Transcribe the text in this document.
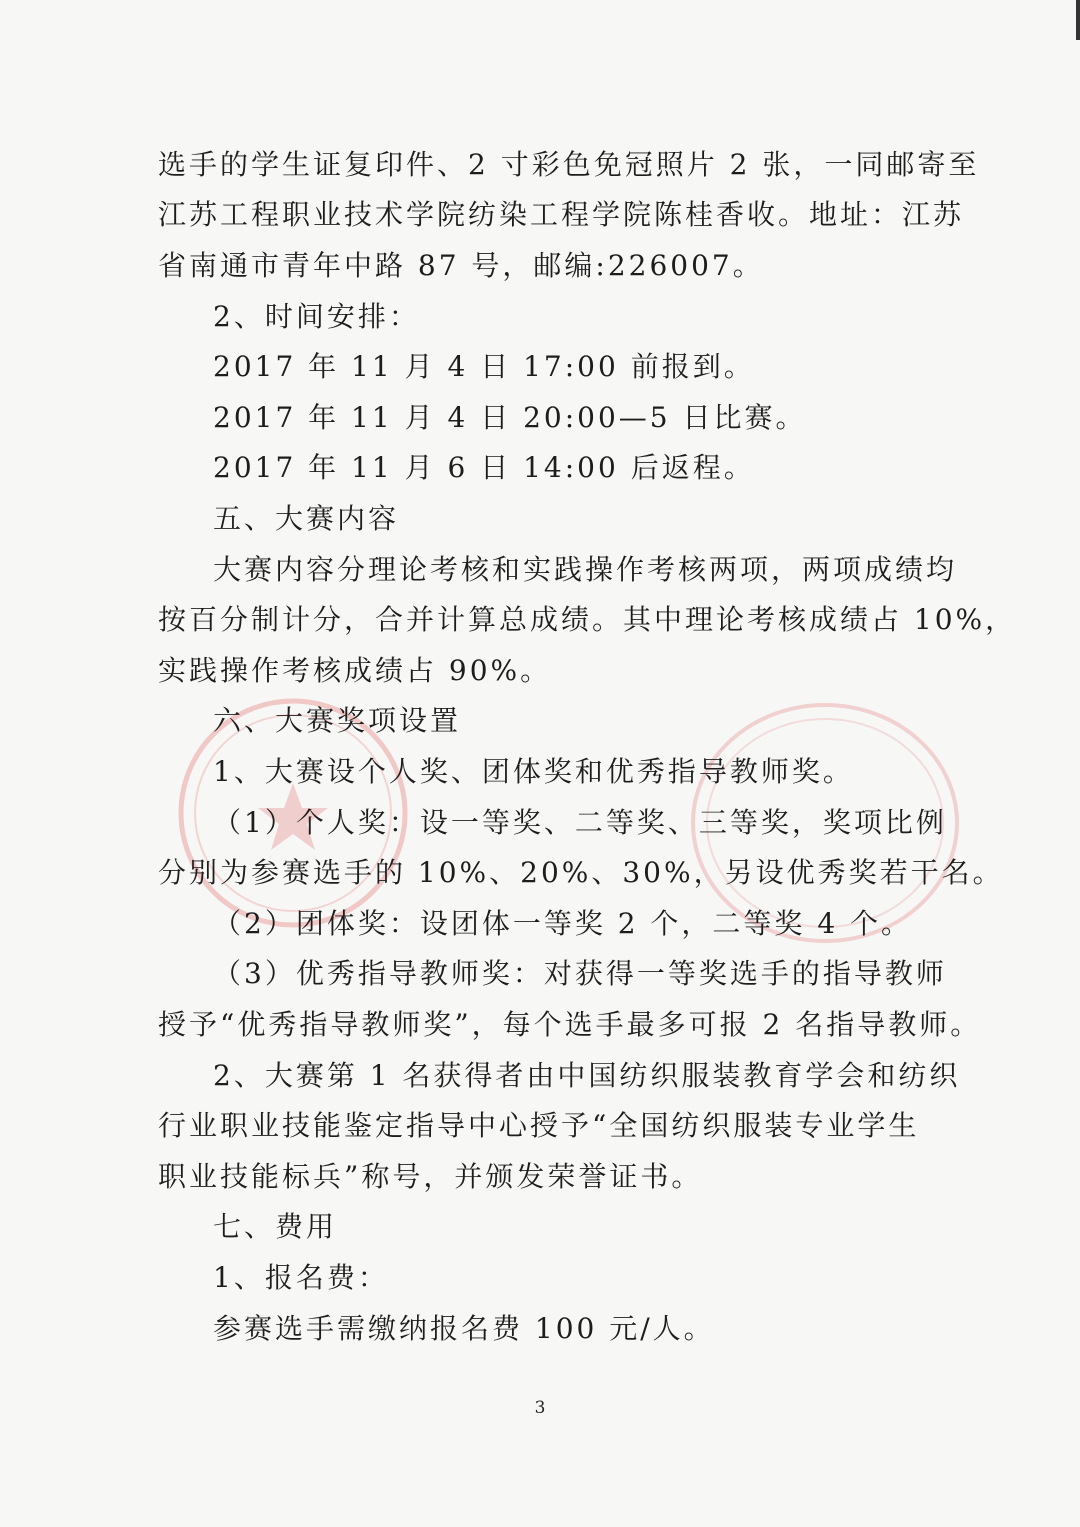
选手的学生证复印件、2 寸彩色免冠照片 2 张，一同邮寄至
江苏工程职业技术学院纺染工程学院陈桂香收。地址：江苏
省南通市青年中路 87 号，邮编:226007。
2、时间安排：
2017 年 11 月 4 日 17:00 前报到。
2017 年 11 月 4 日 20:00—5 日比赛。
2017 年 11 月 6 日 14:00 后返程。
五、大赛内容
大赛内容分理论考核和实践操作考核两项，两项成绩均
按百分制计分，合并计算总成绩。其中理论考核成绩占 10%，
实践操作考核成绩占 90%。
六、大赛奖项设置
1、大赛设个人奖、团体奖和优秀指导教师奖。
（1）个人奖：设一等奖、二等奖、三等奖，奖项比例
分别为参赛选手的 10%、20%、30%，另设优秀奖若干名。
（2）团体奖：设团体一等奖 2 个，二等奖 4 个。
（3）优秀指导教师奖：对获得一等奖选手的指导教师
授予“优秀指导教师奖”，每个选手最多可报 2 名指导教师。
2、大赛第 1 名获得者由中国纺织服装教育学会和纺织
行业职业技能鉴定指导中心授予“全国纺织服装专业学生
职业技能标兵”称号，并颁发荣誉证书。
七、费用
1、报名费：
参赛选手需缴纳报名费 100 元/人。
3
